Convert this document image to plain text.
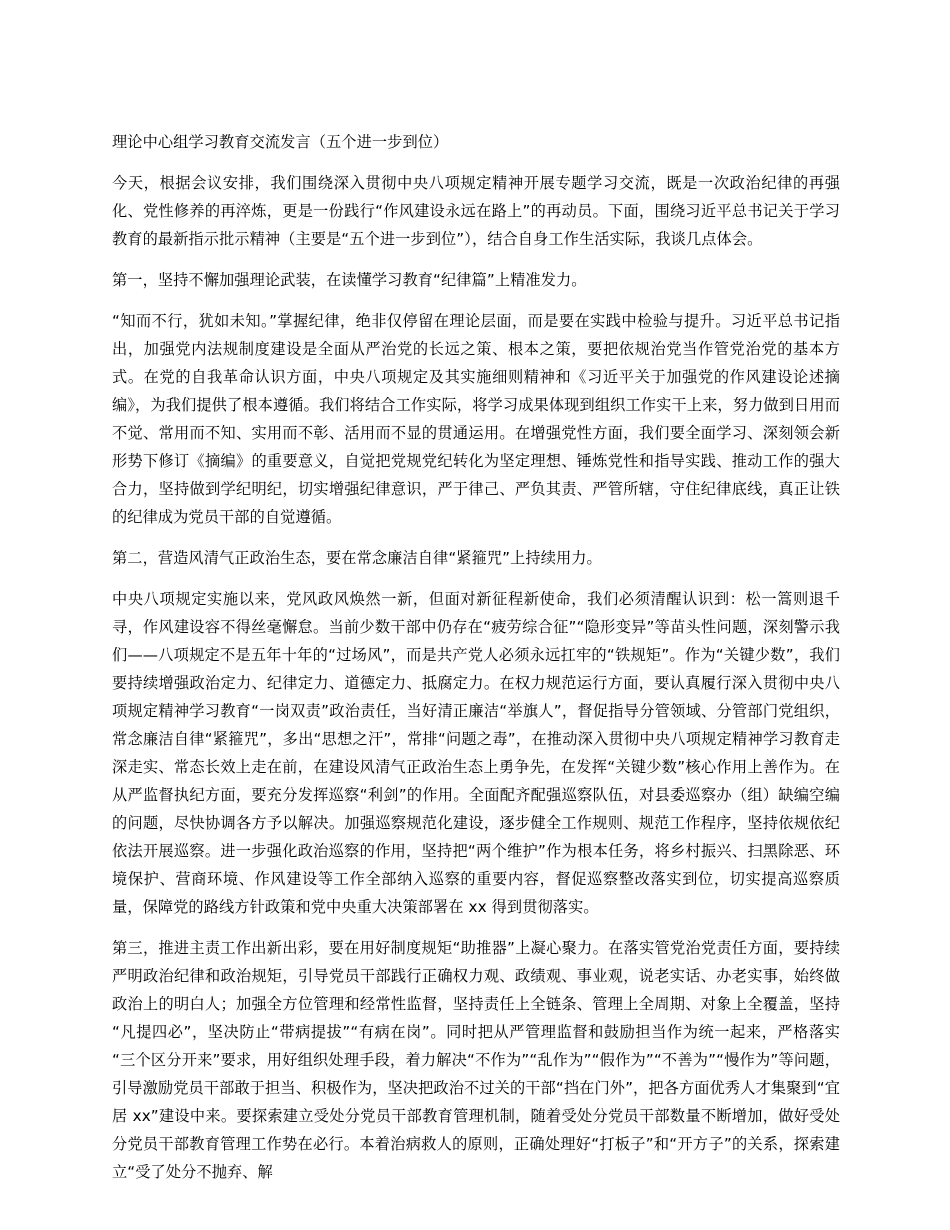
理论中心组学习教育交流发言（五个进一步到位）

今天，根据会议安排，我们围绕深入贯彻中央八项规定精神开展专题学习交流，既是一次政治纪律的再强化、党性修养的再淬炼，更是一份践行“作风建设永远在路上”的再动员。下面，围绕习近平总书记关于学习教育的最新指示批示精神（主要是“五个进一步到位”），结合自身工作生活实际，我谈几点体会。

第一，坚持不懈加强理论武装，在读懂学习教育“纪律篇”上精准发力。

“知而不行，犹如未知。”掌握纪律，绝非仅停留在理论层面，而是要在实践中检验与提升。习近平总书记指出，加强党内法规制度建设是全面从严治党的长远之策、根本之策，要把依规治党当作管党治党的基本方式。在党的自我革命认识方面，中央八项规定及其实施细则精神和《习近平关于加强党的作风建设论述摘编》，为我们提供了根本遵循。我们将结合工作实际，将学习成果体现到组织工作实干上来，努力做到日用而不觉、常用而不知、实用而不彰、活用而不显的贯通运用。在增强党性方面，我们要全面学习、深刻领会新形势下修订《摘编》的重要意义，自觉把党规党纪转化为坚定理想、锤炼党性和指导实践、推动工作的强大合力，坚持做到学纪明纪，切实增强纪律意识，严于律己、严负其责、严管所辖，守住纪律底线，真正让铁的纪律成为党员干部的自觉遵循。

第二，营造风清气正政治生态，要在常念廉洁自律“紧箍咒”上持续用力。

中央八项规定实施以来，党风政风焕然一新，但面对新征程新使命，我们必须清醒认识到：松一篙则退千寻，作风建设容不得丝毫懈怠。当前少数干部中仍存在“疲劳综合征”“隐形变异”等苗头性问题，深刻警示我们——八项规定不是五年十年的“过场风”，而是共产党人必须永远扛牢的“铁规矩”。作为“关键少数”，我们要持续增强政治定力、纪律定力、道德定力、抵腐定力。在权力规范运行方面，要认真履行深入贯彻中央八项规定精神学习教育“一岗双责”政治责任，当好清正廉洁“举旗人”，督促指导分管领域、分管部门党组织，常念廉洁自律“紧箍咒”，多出“思想之汗”，常排“问题之毒”，在推动深入贯彻中央八项规定精神学习教育走深走实、常态长效上走在前，在建设风清气正政治生态上勇争先，在发挥“关键少数”核心作用上善作为。在从严监督执纪方面，要充分发挥巡察“利剑”的作用。全面配齐配强巡察队伍，对县委巡察办（组）缺编空编的问题，尽快协调各方予以解决。加强巡察规范化建设，逐步健全工作规则、规范工作程序，坚持依规依纪依法开展巡察。进一步强化政治巡察的作用，坚持把“两个维护”作为根本任务，将乡村振兴、扫黑除恶、环境保护、营商环境、作风建设等工作全部纳入巡察的重要内容，督促巡察整改落实到位，切实提高巡察质量，保障党的路线方针政策和党中央重大决策部署在 xx 得到贯彻落实。

第三，推进主责工作出新出彩，要在用好制度规矩“助推器”上凝心聚力。在落实管党治党责任方面，要持续严明政治纪律和政治规矩，引导党员干部践行正确权力观、政绩观、事业观，说老实话、办老实事，始终做政治上的明白人；加强全方位管理和经常性监督，坚持责任上全链条、管理上全周期、对象上全覆盖，坚持“凡提四必”，坚决防止“带病提拔”“有病在岗”。同时把从严管理监督和鼓励担当作为统一起来，严格落实“三个区分开来”要求，用好组织处理手段，着力解决“不作为”“乱作为”“假作为”“不善为”“慢作为”等问题，引导激励党员干部敢于担当、积极作为，坚决把政治不过关的干部“挡在门外”，把各方面优秀人才集聚到“宜居 xx”建设中来。要探索建立受处分党员干部教育管理机制，随着受处分党员干部数量不断增加，做好受处分党员干部教育管理工作势在必行。本着治病救人的原则，正确处理好“打板子”和“开方子”的关系，探索建立“受了处分不抛弃、解
